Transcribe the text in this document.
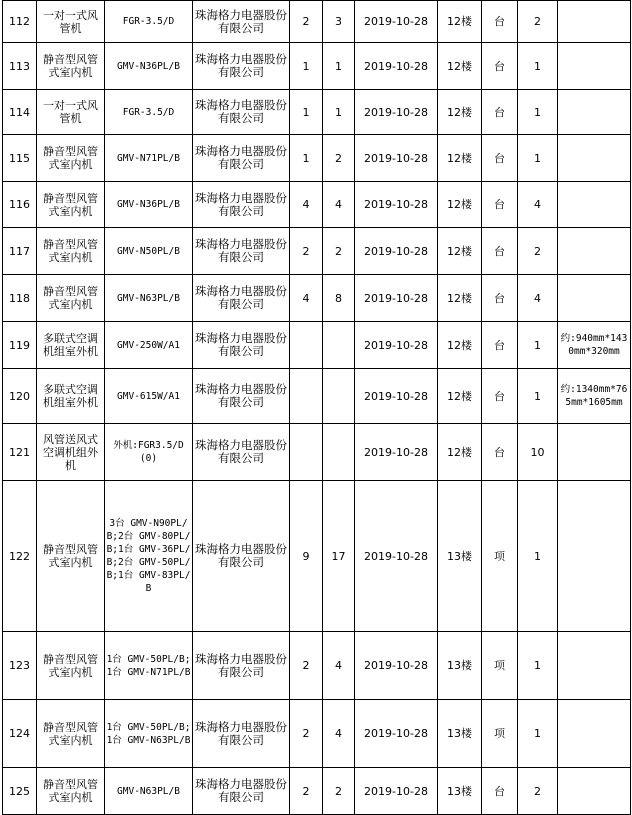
112	一对一式风管机	FGR-3.5/D	珠海格力电器股份有限公司	2	3	2019-10-28	12楼	台	2	
113	静音型风管式室内机	GMV-N36PL/B	珠海格力电器股份有限公司	1	1	2019-10-28	12楼	台	1	
114	一对一式风管机	FGR-3.5/D	珠海格力电器股份有限公司	1	1	2019-10-28	12楼	台	1	
115	静音型风管式室内机	GMV-N71PL/B	珠海格力电器股份有限公司	1	2	2019-10-28	12楼	台	1	
116	静音型风管式室内机	GMV-N36PL/B	珠海格力电器股份有限公司	4	4	2019-10-28	12楼	台	4	
117	静音型风管式室内机	GMV-N50PL/B	珠海格力电器股份有限公司	2	2	2019-10-28	12楼	台	2	
118	静音型风管式室内机	GMV-N63PL/B	珠海格力电器股份有限公司	4	8	2019-10-28	12楼	台	4	
119	多联式空调机组室外机	GMV-250W/A1	珠海格力电器股份有限公司			2019-10-28	12楼	台	1	约:940mm*1430mm*320mm
120	多联式空调机组室外机	GMV-615W/A1	珠海格力电器股份有限公司			2019-10-28	12楼	台	1	约:1340mm*765mm*1605mm
121	风管送风式空调机组外机	外机:FGR3.5/D(0)	珠海格力电器股份有限公司			2019-10-28	12楼	台	10	
122	静音型风管式室内机	3台 GMV-N90PL/B;2台 GMV-80PL/B;1台 GMV-36PL/B;2台 GMV-50PL/B;1台 GMV-83PL/B	珠海格力电器股份有限公司	9	17	2019-10-28	13楼	项	1	
123	静音型风管式室内机	1台 GMV-50PL/B;1台 GMV-N71PL/B	珠海格力电器股份有限公司	2	4	2019-10-28	13楼	项	1	
124	静音型风管式室内机	1台 GMV-50PL/B;1台 GMV-N63PL/B	珠海格力电器股份有限公司	2	4	2019-10-28	13楼	项	1	
125	静音型风管式室内机	GMV-N63PL/B	珠海格力电器股份有限公司	2	2	2019-10-28	13楼	台	2	
